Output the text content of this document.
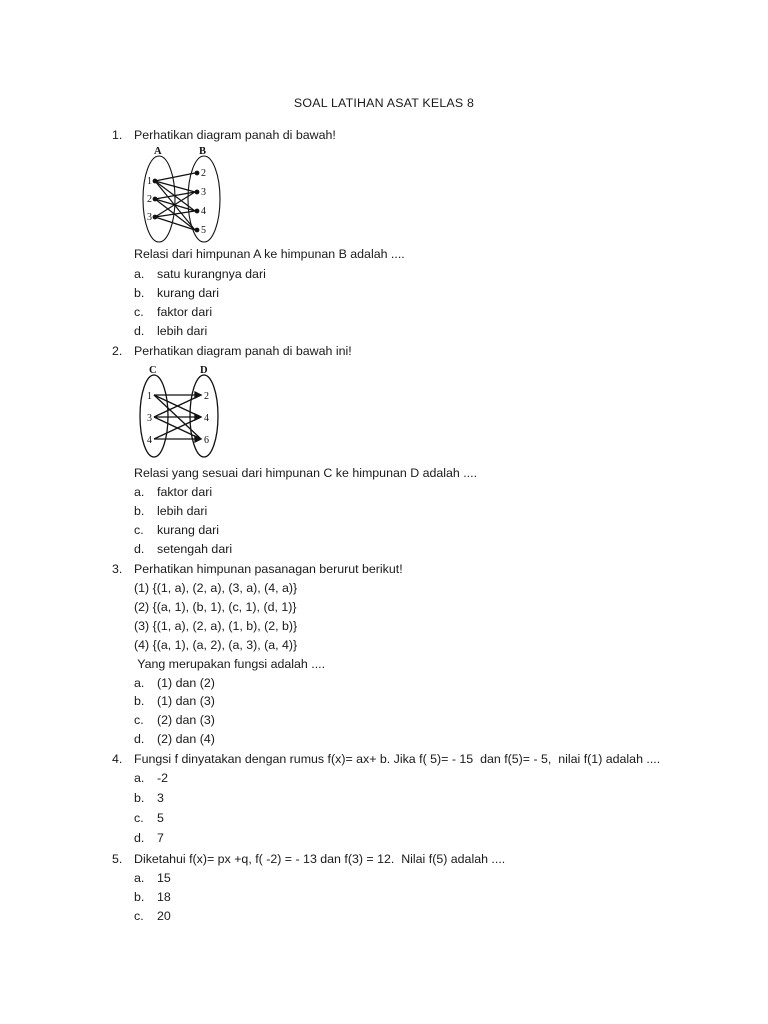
SOAL LATIHAN ASAT KELAS 8
1. Perhatikan diagram panah di bawah!
A	B
1
2
3
2
3
4
5
Relasi dari himpunan A ke himpunan B adalah ....
a. satu kurangnya dari
b. kurang dari
c. faktor dari
d. lebih dari
2. Perhatikan diagram panah di bawah ini!
C	D
1
3
4
2
4
6
Relasi yang sesuai dari himpunan C ke himpunan D adalah ....
a. faktor dari
b. lebih dari
c. kurang dari
d. setengah dari
3. Perhatikan himpunan pasanagan berurut berikut!
(1) {(1, a), (2, a), (3, a), (4, a)}
(2) {(a, 1), (b, 1), (c, 1), (d, 1)}
(3) {(1, a), (2, a), (1, b), (2, b)}
(4) {(a, 1), (a, 2), (a, 3), (a, 4)}
Yang merupakan fungsi adalah ....
a. (1) dan (2)
b. (1) dan (3)
c. (2) dan (3)
d. (2) dan (4)
4. Fungsi f dinyatakan dengan rumus f(x)= ax+ b. Jika f( 5)= - 15  dan f(5)= - 5,  nilai f(1) adalah ....
a. -2
b. 3
c. 5
d. 7
5. Diketahui f(x)= px +q, f( -2) = - 13 dan f(3) = 12.  Nilai f(5) adalah ....
a. 15
b. 18
c. 20
